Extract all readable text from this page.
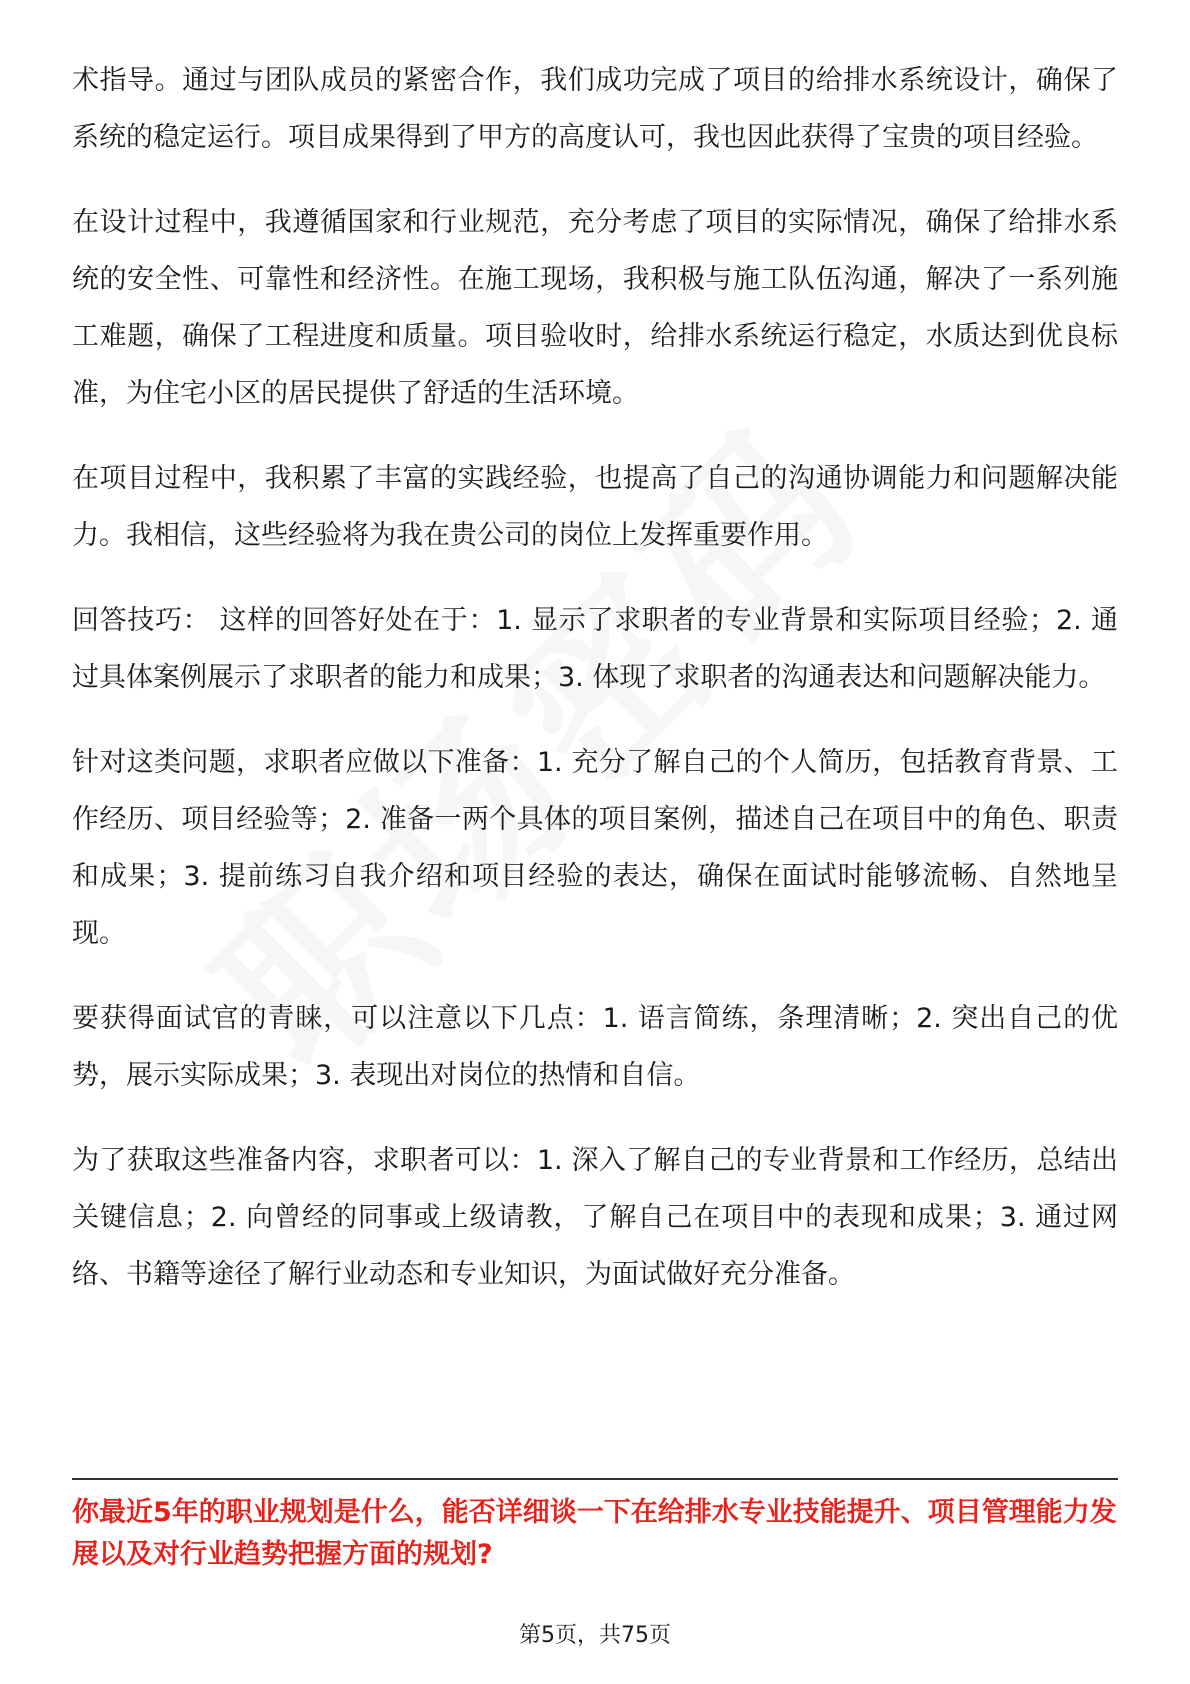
术指导。通过与团队成员的紧密合作，我们成功完成了项目的给排水系统设计，确保了系统的稳定运行。项目成果得到了甲方的高度认可，我也因此获得了宝贵的项目经验。

在设计过程中，我遵循国家和行业规范，充分考虑了项目的实际情况，确保了给排水系统的安全性、可靠性和经济性。在施工现场，我积极与施工队伍沟通，解决了一系列施工难题，确保了工程进度和质量。项目验收时，给排水系统运行稳定，水质达到优良标准，为住宅小区的居民提供了舒适的生活环境。

在项目过程中，我积累了丰富的实践经验，也提高了自己的沟通协调能力和问题解决能力。我相信，这些经验将为我在贵公司的岗位上发挥重要作用。

回答技巧： 这样的回答好处在于：1. 显示了求职者的专业背景和实际项目经验；2. 通过具体案例展示了求职者的能力和成果；3. 体现了求职者的沟通表达和问题解决能力。

针对这类问题，求职者应做以下准备：1. 充分了解自己的个人简历，包括教育背景、工作经历、项目经验等；2. 准备一两个具体的项目案例，描述自己在项目中的角色、职责和成果；3. 提前练习自我介绍和项目经验的表达，确保在面试时能够流畅、自然地呈现。

要获得面试官的青睐，可以注意以下几点：1. 语言简练，条理清晰；2. 突出自己的优势，展示实际成果；3. 表现出对岗位的热情和自信。

为了获取这些准备内容，求职者可以：1. 深入了解自己的专业背景和工作经历，总结出关键信息；2. 向曾经的同事或上级请教，了解自己在项目中的表现和成果；3. 通过网络、书籍等途径了解行业动态和专业知识，为面试做好充分准备。

你最近5年的职业规划是什么，能否详细谈一下在给排水专业技能提升、项目管理能力发展以及对行业趋势把握方面的规划?
第5页，共75页
